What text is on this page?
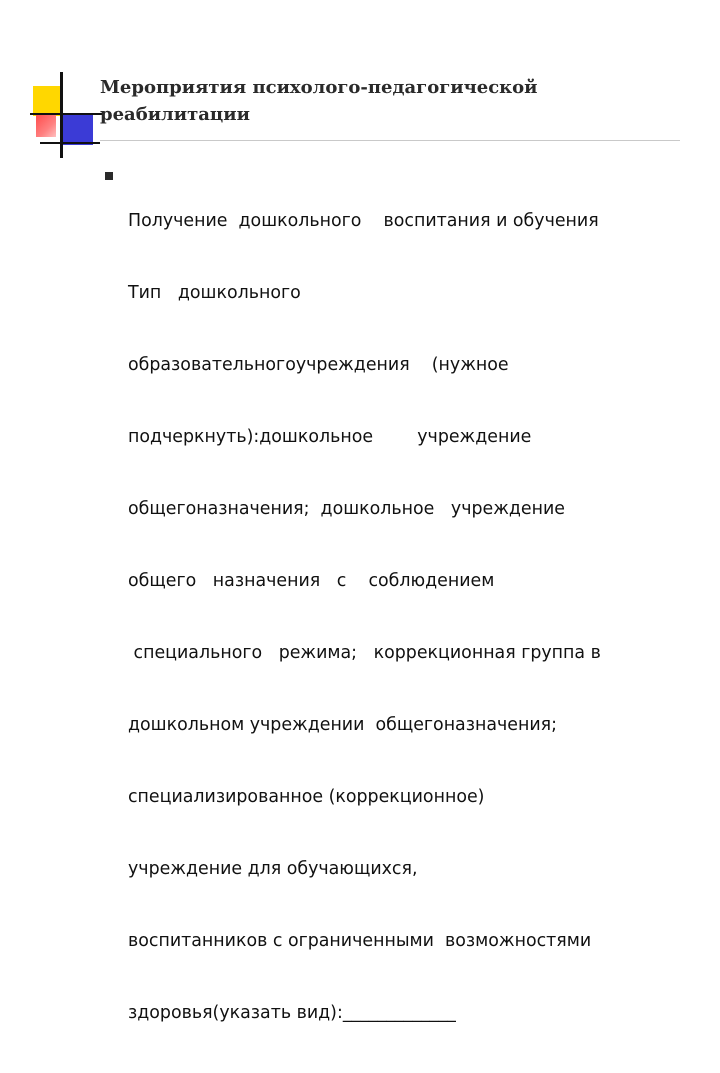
Мероприятия психолого-педагогической
реабилитации

Получение  дошкольного    воспитания и обучения

Тип   дошкольного

образовательногоучреждения    (нужное

подчеркнуть):дошкольное        учреждение

общегоназначения;  дошкольное   учреждение

общего   назначения   с    соблюдением

специального   режима;   коррекционная группа в

дошкольном учреждении  общегоназначения;

специализированное (коррекционное)

учреждение для обучающихся,

воспитанников с ограниченными  возможностями

здоровья(указать вид):_____________
